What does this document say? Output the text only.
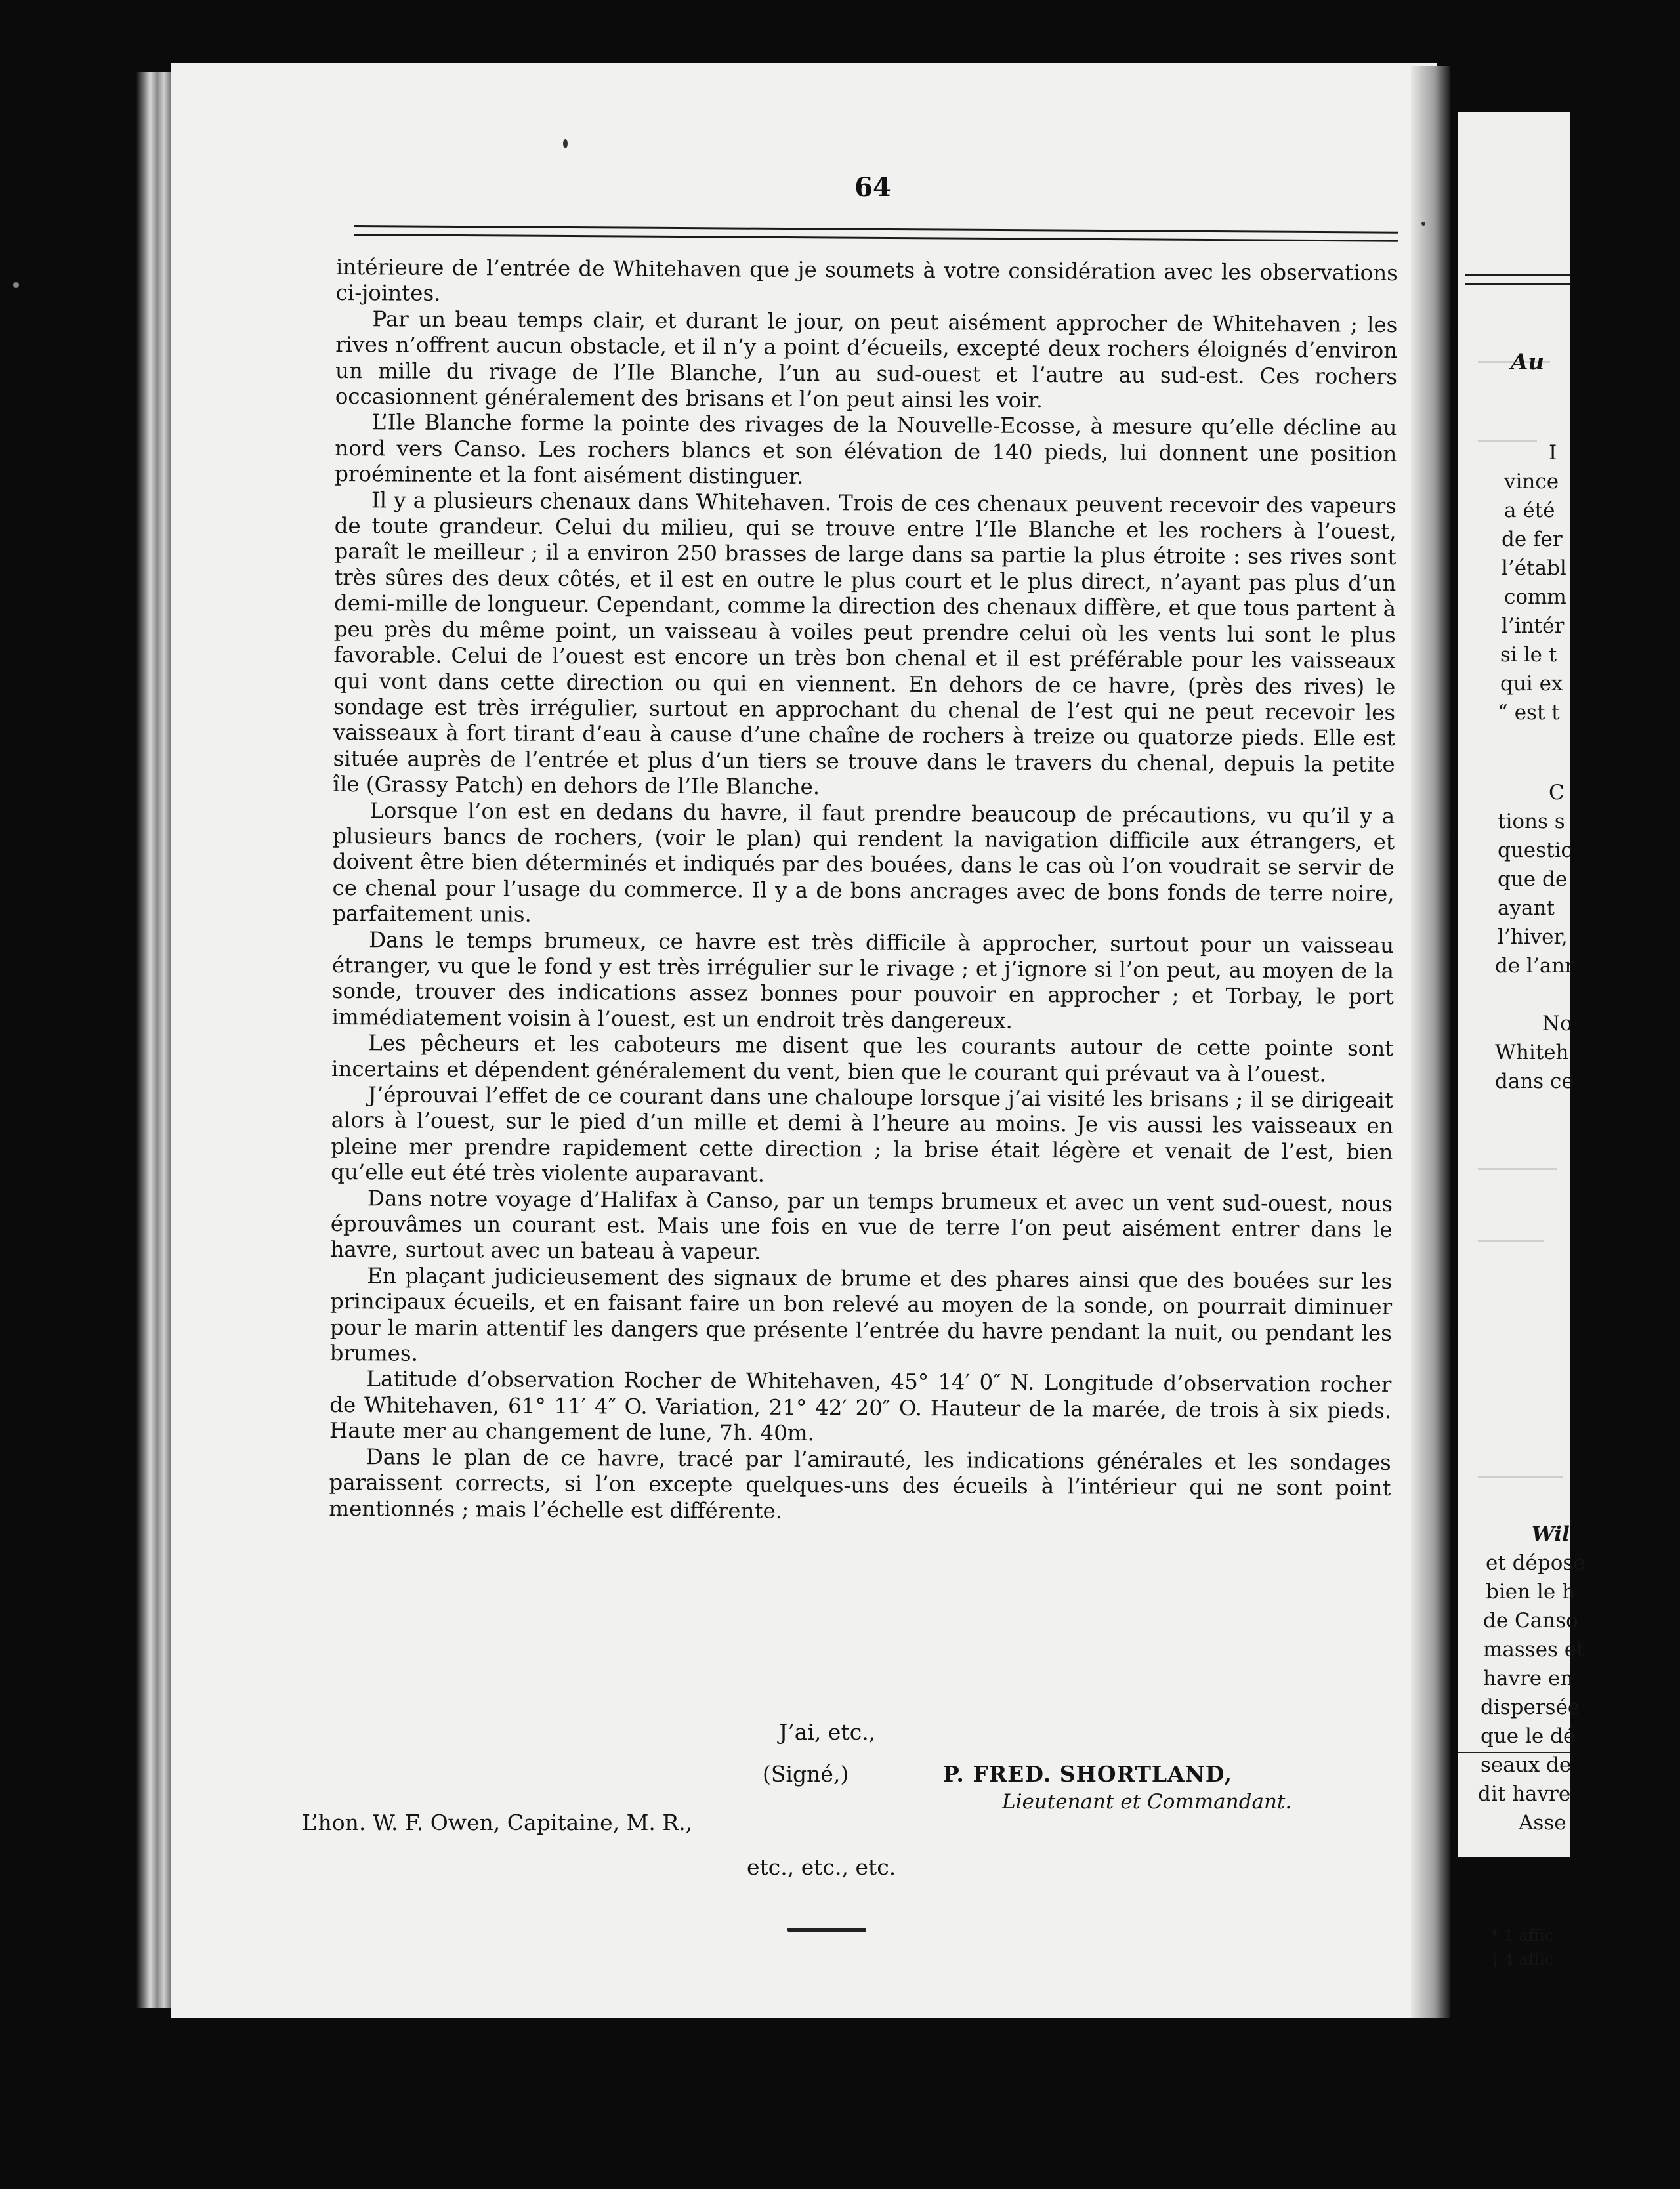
64

intérieure de l’entrée de Whitehaven que je soumets à votre considération avec les observations ci-jointes.

Par un beau temps clair, et durant le jour, on peut aisément approcher de Whitehaven ; les rives n’offrent aucun obstacle, et il n’y a point d’écueils, excepté deux rochers éloignés d’environ un mille du rivage de l’Ile Blanche, l’un au sud-ouest et l’autre au sud-est. Ces rochers occasionnent généralement des brisans et l’on peut ainsi les voir.

L’Ile Blanche forme la pointe des rivages de la Nouvelle-Ecosse, à mesure qu’elle décline au nord vers Canso. Les rochers blancs et son élévation de 140 pieds, lui donnent une position proéminente et la font aisément distinguer.

Il y a plusieurs chenaux dans Whitehaven. Trois de ces chenaux peuvent recevoir des vapeurs de toute grandeur. Celui du milieu, qui se trouve entre l’Ile Blanche et les rochers à l’ouest, paraît le meilleur ; il a environ 250 brasses de large dans sa partie la plus étroite : ses rives sont très sûres des deux côtés, et il est en outre le plus court et le plus direct, n’ayant pas plus d’un demi-mille de longueur. Cependant, comme la direction des chenaux diffère, et que tous partent à peu près du même point, un vaisseau à voiles peut prendre celui où les vents lui sont le plus favorable. Celui de l’ouest est encore un très bon chenal et il est préférable pour les vaisseaux qui vont dans cette direction ou qui en viennent. En dehors de ce havre, (près des rives) le sondage est très irrégulier, surtout en approchant du chenal de l’est qui ne peut recevoir les vaisseaux à fort tirant d’eau à cause d’une chaîne de rochers à treize ou quatorze pieds. Elle est située auprès de l’entrée et plus d’un tiers se trouve dans le travers du chenal, depuis la petite île (Grassy Patch) en dehors de l’Ile Blanche.

Lorsque l’on est en dedans du havre, il faut prendre beaucoup de précautions, vu qu’il y a plusieurs bancs de rochers, (voir le plan) qui rendent la navigation difficile aux étrangers, et doivent être bien déterminés et indiqués par des bouées, dans le cas où l’on voudrait se servir de ce chenal pour l’usage du commerce. Il y a de bons ancrages avec de bons fonds de terre noire, parfaitement unis.

Dans le temps brumeux, ce havre est très difficile à approcher, surtout pour un vaisseau étranger, vu que le fond y est très irrégulier sur le rivage ; et j’ignore si l’on peut, au moyen de la sonde, trouver des indications assez bonnes pour pouvoir en approcher ; et Torbay, le port immédiatement voisin à l’ouest, est un endroit très dangereux.

Les pêcheurs et les caboteurs me disent que les courants autour de cette pointe sont incertains et dépendent généralement du vent, bien que le courant qui prévaut va à l’ouest.

J’éprouvai l’effet de ce courant dans une chaloupe lorsque j’ai visité les brisans ; il se dirigeait alors à l’ouest, sur le pied d’un mille et demi à l’heure au moins. Je vis aussi les vaisseaux en pleine mer prendre rapidement cette direction ; la brise était légère et venait de l’est, bien qu’elle eut été très violente auparavant.

Dans notre voyage d’Halifax à Canso, par un temps brumeux et avec un vent sud-ouest, nous éprouvâmes un courant est. Mais une fois en vue de terre l’on peut aisément entrer dans le havre, surtout avec un bateau à vapeur.

En plaçant judicieusement des signaux de brume et des phares ainsi que des bouées sur les principaux écueils, et en faisant faire un bon relevé au moyen de la sonde, on pourrait diminuer pour le marin attentif les dangers que présente l’entrée du havre pendant la nuit, ou pendant les brumes.

Latitude d’observation Rocher de Whitehaven, 45° 14′ 0″ N. Longitude d’observation rocher de Whitehaven, 61° 11′ 4″ O. Variation, 21° 42′ 20″ O. Hauteur de la marée, de trois à six pieds. Haute mer au changement de lune, 7h. 40m.

Dans le plan de ce havre, tracé par l’amirauté, les indications générales et les sondages paraissent corrects, si l’on excepte quelques-uns des écueils à l’intérieur qui ne sont point mentionnés ; mais l’échelle est différente.

J’ai, etc.,
(Signé,)	P. FRED. SHORTLAND,
Lieutenant et Commandant.
L’hon. W. F. Owen, Capitaine, M. R.,
etc., etc., etc.
Au
I
vince
a été
de fer
l’établ
comm
l’intér
si le t
qui ex
“ est t
C
tions s
questic
que de
ayant
l’hiver,
de l’anr
No
Whiteh
dans ce
Wil
et dépose
bien le h
de Canso
masses et
havre en
dispersée
que le dé
seaux de
dit havre
Asse
* 1 affic
† 4 affic
